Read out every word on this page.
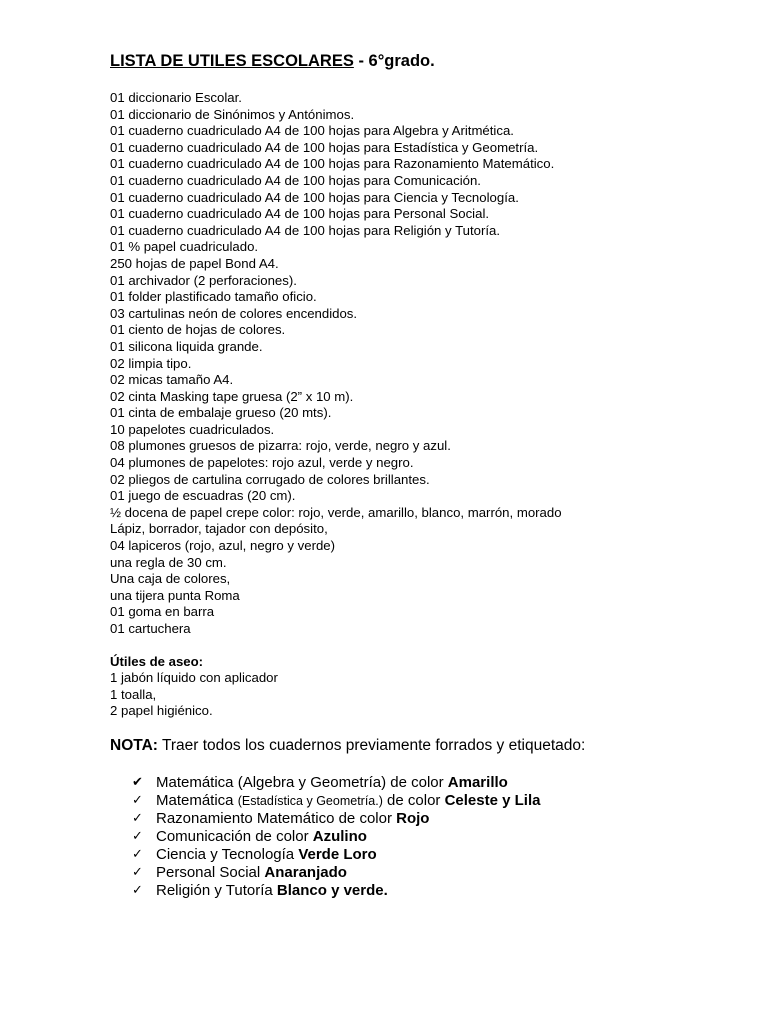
LISTA DE UTILES ESCOLARES - 6°grado.
01 diccionario Escolar.
01 diccionario de Sinónimos y Antónimos.
01 cuaderno cuadriculado A4 de 100 hojas para Algebra y Aritmética.
01 cuaderno cuadriculado A4 de 100 hojas para Estadística y Geometría.
01 cuaderno cuadriculado A4 de 100 hojas para Razonamiento Matemático.
01 cuaderno cuadriculado A4 de 100 hojas para Comunicación.
01 cuaderno cuadriculado A4 de 100 hojas para Ciencia y Tecnología.
01 cuaderno cuadriculado A4 de 100 hojas para Personal Social.
01 cuaderno cuadriculado A4 de 100 hojas para Religión y Tutoría.
01 % papel cuadriculado.
250 hojas de papel Bond A4.
01 archivador (2 perforaciones).
01 folder plastificado tamaño oficio.
03 cartulinas neón de colores encendidos.
01 ciento de hojas de colores.
01 silicona liquida grande.
02 limpia tipo.
02 micas tamaño A4.
02 cinta Masking tape gruesa (2” x 10 m).
01 cinta de embalaje grueso (20 mts).
10 papelotes cuadriculados.
08 plumones gruesos de pizarra: rojo, verde, negro y azul.
04 plumones de papelotes: rojo azul, verde y negro.
02 pliegos de cartulina corrugado de colores brillantes.
01 juego de escuadras (20 cm).
½ docena de papel crepe color: rojo, verde, amarillo, blanco, marrón, morado
Lápiz, borrador, tajador con depósito,
04 lapiceros (rojo, azul, negro y verde)
una regla de 30 cm.
Una caja de colores,
una tijera punta Roma
01 goma en barra
01 cartuchera
Útiles de aseo:
1 jabón líquido con aplicador
1 toalla,
2 papel higiénico.
NOTA: Traer todos los cuadernos previamente forrados y etiquetado:
✔ Matemática (Algebra y Geometría) de color Amarillo
✓ Matemática (Estadística y Geometría.) de color Celeste y Lila
✓ Razonamiento Matemático de color Rojo
✓ Comunicación de color Azulino
✓ Ciencia y Tecnología Verde Loro
✓ Personal Social Anaranjado
✓ Religión y Tutoría Blanco y verde.
